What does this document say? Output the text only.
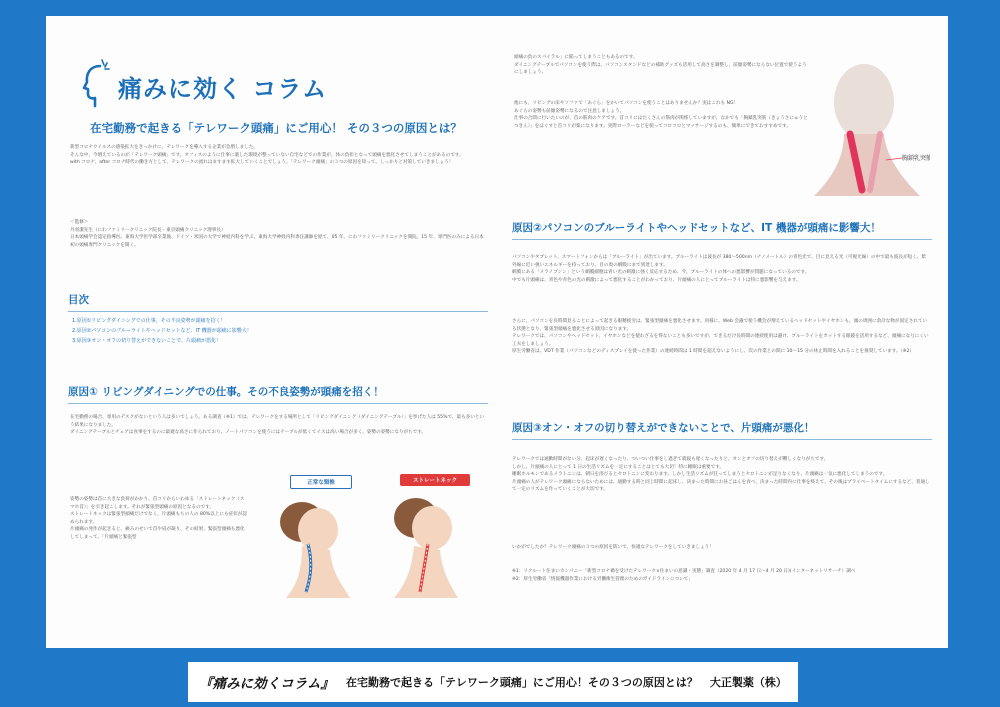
痛みに効く コラム
在宅勤務で起きる「テレワーク頭痛」にご用心！ その３つの原因とは？
新型コロナウイルスの感染拡大をきっかけに、テレワークを導入する企業が急増しました。
そんな中、今増えているのが「テレワーク頭痛」です。オフィスのように仕事に適した環境が整っていない自宅などでの作業が、体の負担となって頭痛を悪化させてしまうことがあるのです。
with コロナ、after コロナ時代の働き方として、テレワークの流れはますます拡大していくことでしょう。「テレワーク頭痛」の３つの原因を知って、しっかりと対策していきましょう！
＜監修＞
丹羽潔先生（にわファミリークリニック院長・東京頭痛クリニック理事長）
日本頭痛学会認定指導医。東海大学医学部卒業後、ドイツ・米国の大学で神経内科を学ぶ。東海大学神経内科専任講師を経て、05 年、にわファミリークリニックを開院。15 年、専門医のみによる日本初の頭痛専門クリニックを開く。
目次
1.原因①リビングダイニングでの仕事。その不良姿勢が頭痛を招く！
2.原因②パソコンのブルーライトやヘッドセットなど、IT 機器が頭痛に影響大！
3.原因③オン・オフの切り替えができないことで、片頭痛が悪化！
原因① リビングダイニングでの仕事。その不良姿勢が頭痛を招く！
在宅勤務の場合、専用のデスクがないという人は多いでしょう。ある調査（※1）では、テレワークをする場所として「リビングダイニング（ダイニングテーブル）」を挙げた人は 55%で、最も多いという結果になりました。
ダイニングテーブルとチェアは食事をするのに最適な高さに作られており、ノートパソコンを使うにはテーブルが低くてイスは高い場合が多く、姿勢の姿勢になりがちです。
姿勢の姿勢は首に大きな負荷がかかり、首コリからいわゆる「ストレートネック（スマホ首）」を引き起こします。それが緊張型頭痛の原因となるのです。
ストレートネックは緊張型頭痛だけでなく、片頭痛もちの人の 80%以上にも症状が認められます。
片頭痛の発作が起きると、痛みのせいで首や肩が凝り、その結果、緊張型頭痛も悪化してしまって、「片頭痛と緊張型
正常な頸椎	ストレートネック
頭痛の負のスパイラル」に陥ってしまうこともあるのです。
ダイニングテーブルでパソコンを使う際は、パソコンスタンドなどの補助グッズも活用して高さを調整し、前傾姿勢にならない位置で使うようにしましょう。
他にも、リビングの床やソファで「あぐら」をかいてパソコンを使うことはありませんか？実はこれも NG！
あぐらの姿勢も前傾姿勢になるので注意しましょう。
仕事の合間に行いたいのが、首の筋肉のケアです。首コリにはたくさんの筋肉が関係していますが、なかでも「胸鎖乳突筋（きょうさにゅうとつきん）」をほぐすと首コリが楽になります。実際ローラーなどを使ってコロコロとマッサージするのも、簡単にできておすすめです。
胸鎖乳突筋
原因②パソコンのブルーライトやヘッドセットなど、IT 機器が頭痛に影響大！
パソコンやタブレット、スマートフォンからは「ブルーライト」が出ています。ブルーライトは波長が 380〜500nm（ナノメートル）の青色光で、目に見える光（可視光線）の中で最も波長が短く、紫外線に近い強いエネルギーを持っており、目の奥の網膜にまで到達します。
網膜にある「メラノプシン」という網膜細胞は青い光の刺激に強く反応するため、今、ブルーライトの体への悪影響が問題になっているのです。
中でも片頭痛は、青色や赤色の光の刺激によって悪化することがわかっており、片頭痛の人にとってブルーライトは特に悪影響を与えます。
さらに、パソコンを長時間見ることによって起きる眼精疲労は、緊張型頭痛を悪化させます。同様に、Web 会議で使う機会が増えているヘッドセットやイヤホンも、頭の周囲に余計な物が固定されている状態となり、緊張型頭痛を悪化させる原因になります。
テレワークでは、パソコンやヘッドセット、イヤホンなどを使わざるを得ないことも多いですが、できるだけ長時間の連続使用は避け、ブルーライトをカットする眼鏡を活用するなど、頭痛になりにくい工夫をしましょう。
厚生労働省は、VDT 作業（パソコンなどのディスプレイを使った作業）の連続時間は 1 時間を超えないようにし、次の作業との間に 10〜15 分の休止時間を入れることを推奨しています。（※2）
原因③オン・オフの切り替えができないことで、片頭痛が悪化！
テレワークでは通勤時間がない分、起床が遅くなったり、ついつい仕事をし過ぎて就寝も遅くなったりと、オンとオフの切り替えが難しくなりがちです。
しかし、片頭痛の人にとって 1 日の生活リズムを一定にすることはとても大切！特に睡眠は重要です。
睡眠ホルモンであるメラトニンは、朝日を浴びるとセロトニンに変わります。しかし生活リズムが狂ってしまうとセロトニンが足りなくなり、片頭痛は一気に悪化してしまうのです。
片頭痛の人がテレワーク頭痛にならないためには、通勤する時と同じ時間に起床し、決まった時間にお昼ごはんを食べ、決まった時間内に仕事を終えて、その後はプライベートタイムにするなど、普通して一定のリズムを作っていくことが大切です。
いかがでしたか？テレワーク頭痛の３つの原因を防いで、快適なテレワークをしていきましょう！
※1：リクルート住まいカンパニー「新型コロナ禍を受けたテレワーク×住まいの意識・実態」調査（2020 年 4 月 17 日〜4 月 20 日)(インターネットリサーチ）調べ
※2：厚生労働省「情報機器作業における労働衛生管理のためのガイドラインについて」
『痛みに効くコラム』 在宅勤務で起きる「テレワーク頭痛」にご用心！その３つの原因とは？ 大正製薬（株）
